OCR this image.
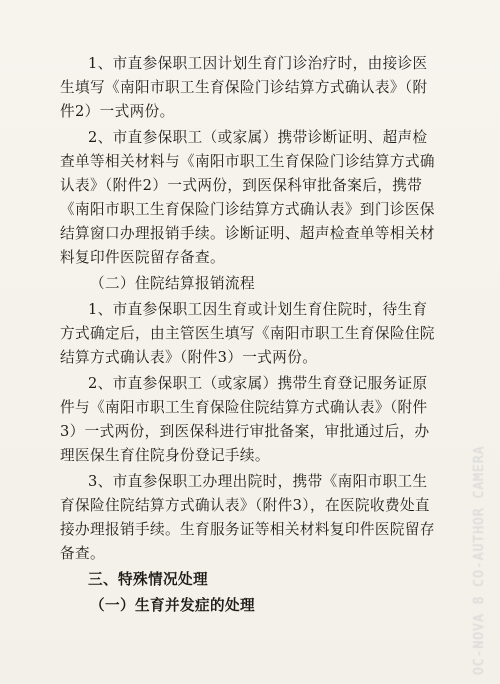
1、市直参保职工因计划生育门诊治疗时，由接诊医生填写《南阳市职工生育保险门诊结算方式确认表》（附件2）一式两份。

2、市直参保职工（或家属）携带诊断证明、超声检查单等相关材料与《南阳市职工生育保险门诊结算方式确认表》（附件2）一式两份，到医保科审批备案后，携带《南阳市职工生育保险门诊结算方式确认表》到门诊医保结算窗口办理报销手续。诊断证明、超声检查单等相关材料复印件医院留存备查。

（二）住院结算报销流程

1、市直参保职工因生育或计划生育住院时，待生育方式确定后，由主管医生填写《南阳市职工生育保险住院结算方式确认表》（附件3）一式两份。

2、市直参保职工（或家属）携带生育登记服务证原件与《南阳市职工生育保险住院结算方式确认表》（附件3）一式两份，到医保科进行审批备案，审批通过后，办理医保生育住院身份登记手续。

3、市直参保职工办理出院时，携带《南阳市职工生育保险住院结算方式确认表》（附件3），在医院收费处直接办理报销手续。生育服务证等相关材料复印件医院留存备查。

三、特殊情况处理

（一）生育并发症的处理	OC-NOVA 8 CO-AUTHOR CAMERA
